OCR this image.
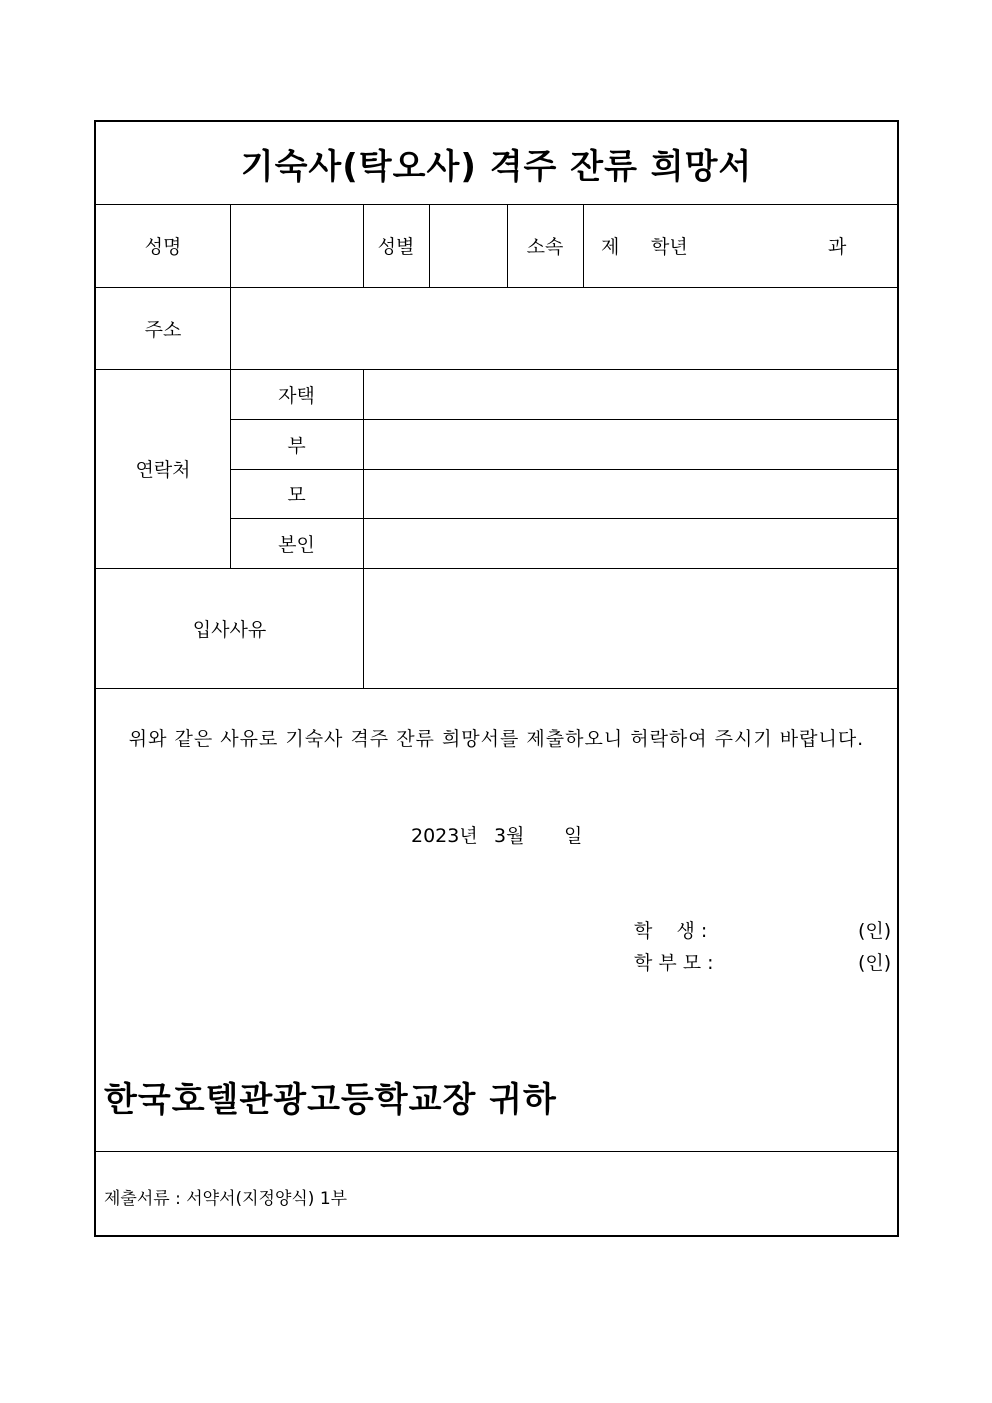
기숙사(탁오사) 격주 잔류 희망서
성명	성별	소속	제 학년	과
주소
연락처
자택
부
모
본인
입사사유
위와 같은 사유로 기숙사 격주 잔류 희망서를 제출하오니 허락하여 주시기 바랍니다.
2023년 3월 일
학    생 :	(인)
학 부 모 :	(인)
한국호텔관광고등학교장 귀하
제출서류 : 서약서(지정양식) 1부
